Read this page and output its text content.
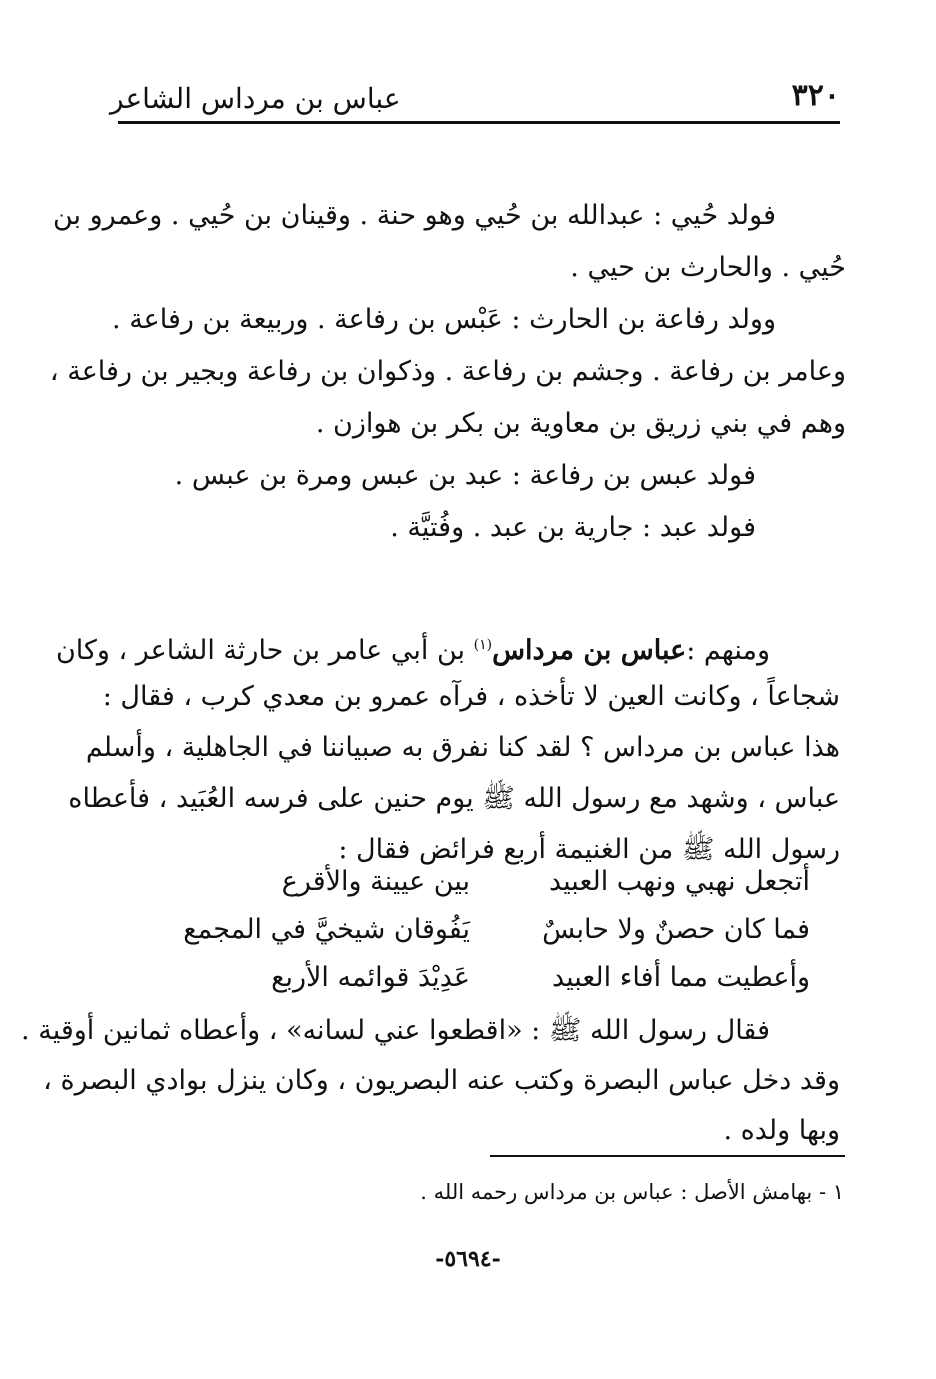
٣٢٠
عباس بن مرداس الشاعر
فولد حُيي : عبدالله بن حُيي وهو حنة . وقينان بن حُيي . وعمرو بن
حُيي . والحارث بن حيي .
وولد رفاعة بن الحارث : عَبْس بن رفاعة . وربيعة بن رفاعة .
وعامر بن رفاعة . وجشم بن رفاعة . وذكوان بن رفاعة وبجير بن رفاعة ،
وهم في بني زريق بن معاوية بن بكر بن هوازن .
فولد عبس بن رفاعة : عبد بن عبس ومرة بن عبس .
فولد عبد : جارية بن عبد . وفُتيَّة .
ومنهم :عباس بن مرداس$^{(١)}$ بن أبي عامر بن حارثة الشاعر ، وكان
شجاعاً ، وكانت العين لا تأخذه ، فرآه عمرو بن معدي كرب ، فقال :
هذا عباس بن مرداس ؟ لقد كنا نفرق به صبياننا في الجاهلية ، وأسلم
عباس ، وشهد مع رسول الله ﷺ يوم حنين على فرسه العُبَيد ، فأعطاه
رسول الله ﷺ من الغنيمة أربع فرائض فقال :
أتجعل نهبي ونهب العبيد
بين عيينة والأقرع
فما كان حصنٌ ولا حابسٌ
يَفُوقان شيخيَّ في المجمع
وأعطيت مما أفاء العبيد
عَدِيْدَ قوائمه الأربع
فقال رسول الله ﷺ : «اقطعوا عني لسانه» ، وأعطاه ثمانين أوقية .
وقد دخل عباس البصرة وكتب عنه البصريون ، وكان ينزل بوادي البصرة ،
وبها ولده .
١ - بهامش الأصل : عباس بن مرداس رحمه الله .
-٥٦٩٤-
